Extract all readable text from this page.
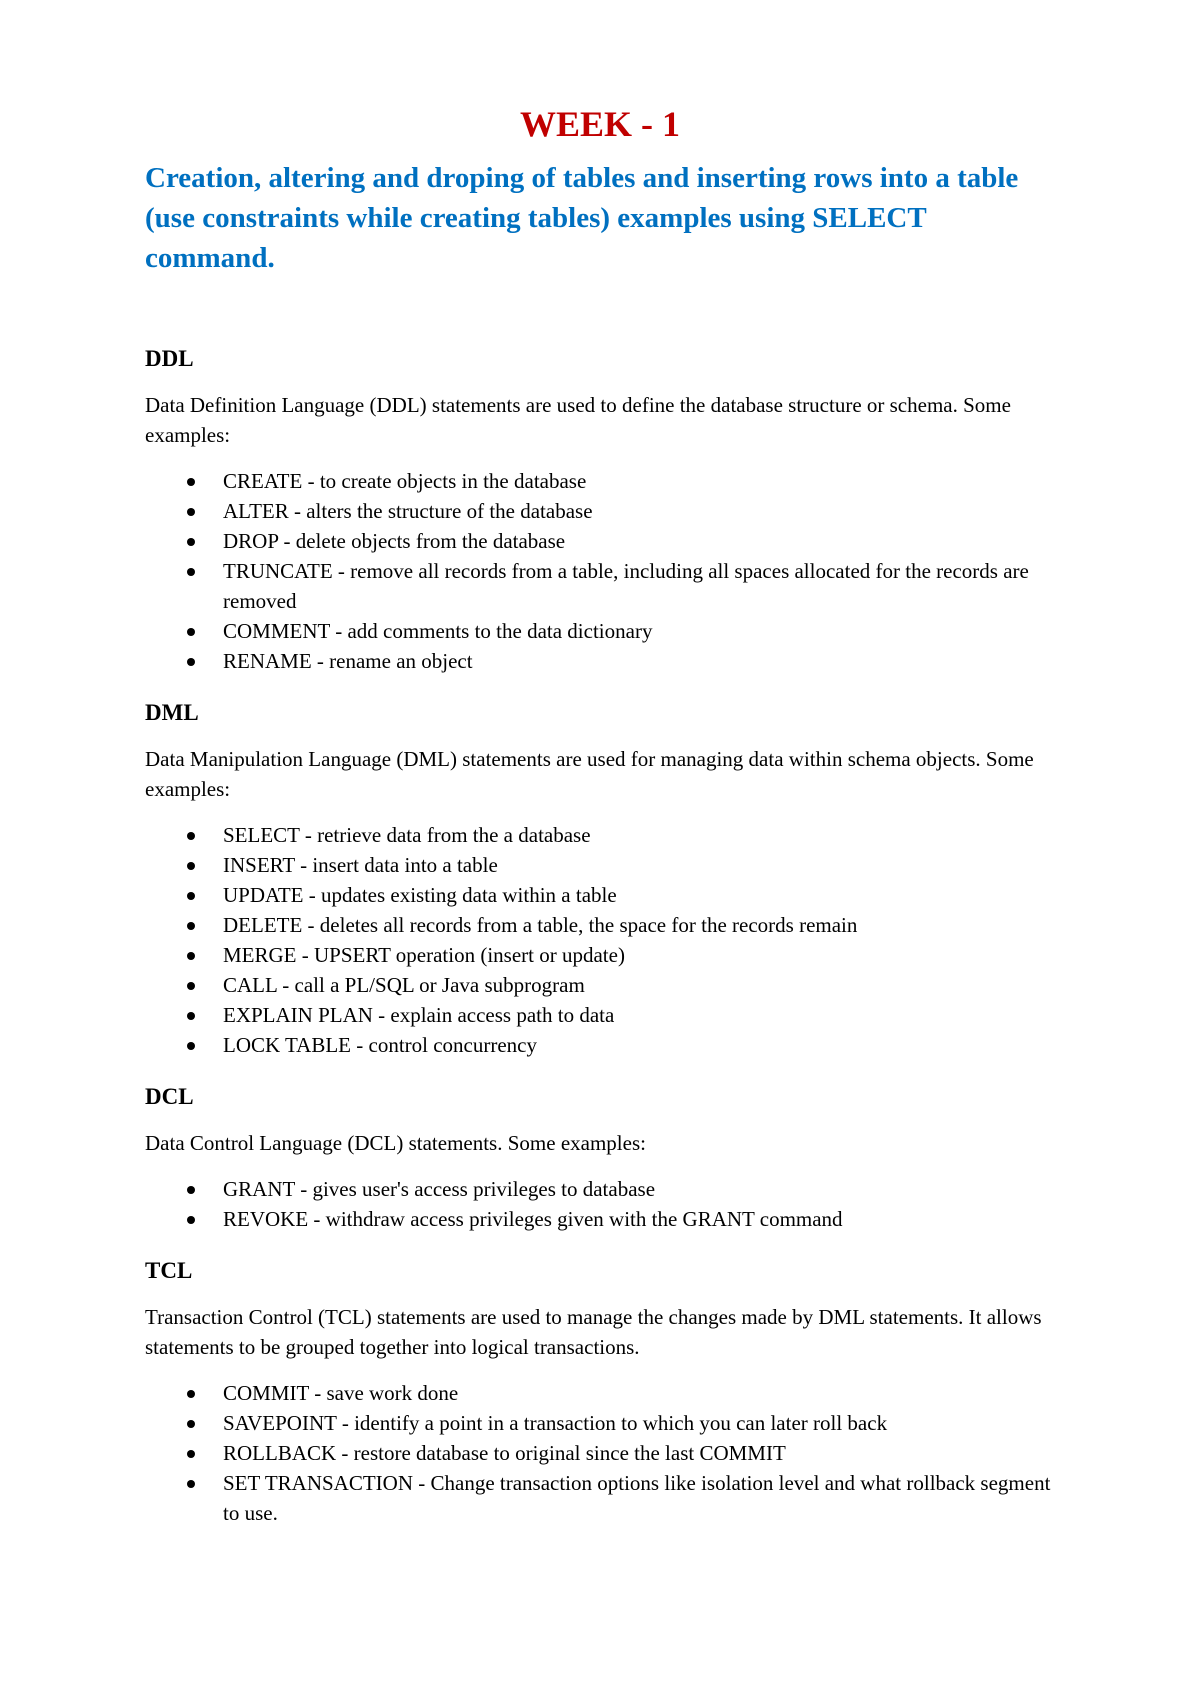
WEEK - 1
Creation, altering and droping of tables and inserting rows into a table (use constraints while creating tables) examples using SELECT command.
DDL
Data Definition Language (DDL) statements are used to define the database structure or schema. Some examples:
CREATE - to create objects in the database
ALTER - alters the structure of the database
DROP - delete objects from the database
TRUNCATE - remove all records from a table, including all spaces allocated for the records are removed
COMMENT - add comments to the data dictionary
RENAME - rename an object
DML
Data Manipulation Language (DML) statements are used for managing data within schema objects. Some examples:
SELECT - retrieve data from the a database
INSERT - insert data into a table
UPDATE - updates existing data within a table
DELETE - deletes all records from a table, the space for the records remain
MERGE - UPSERT operation (insert or update)
CALL - call a PL/SQL or Java subprogram
EXPLAIN PLAN - explain access path to data
LOCK TABLE - control concurrency
DCL
Data Control Language (DCL) statements. Some examples:
GRANT - gives user's access privileges to database
REVOKE - withdraw access privileges given with the GRANT command
TCL
Transaction Control (TCL) statements are used to manage the changes made by DML statements. It allows statements to be grouped together into logical transactions.
COMMIT - save work done
SAVEPOINT - identify a point in a transaction to which you can later roll back
ROLLBACK - restore database to original since the last COMMIT
SET TRANSACTION - Change transaction options like isolation level and what rollback segment to use.
